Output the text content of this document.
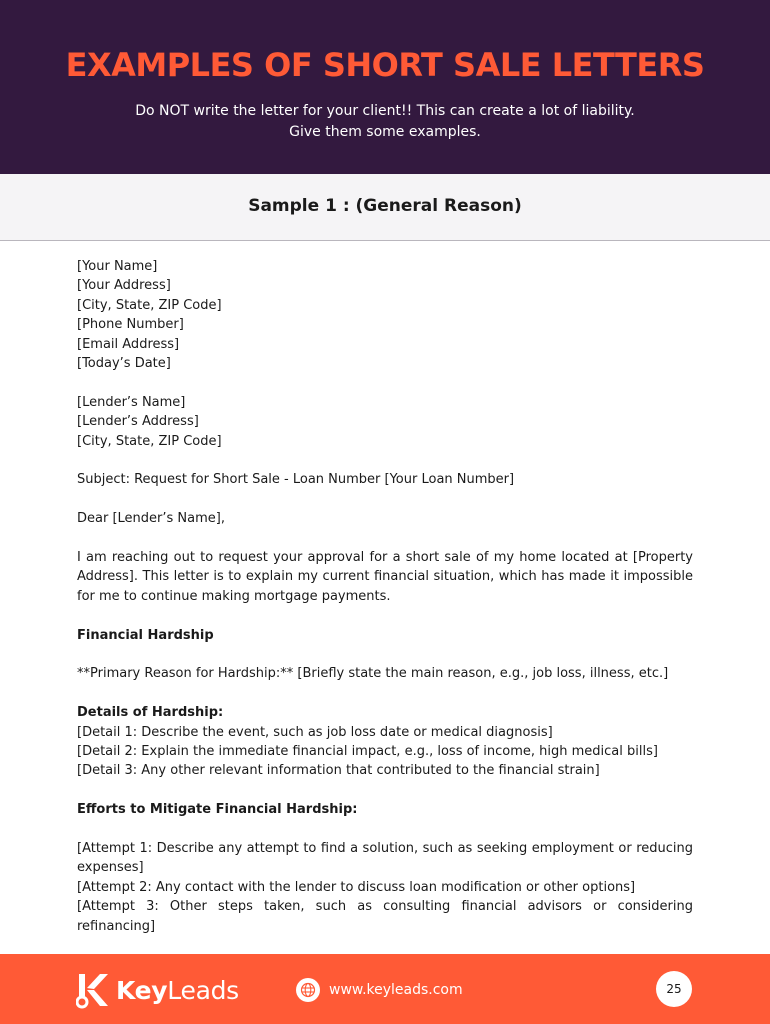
EXAMPLES OF SHORT SALE LETTERS
Do NOT write the letter for your client!! This can create a lot of liability.
Give them some examples.
Sample 1 : (General Reason)

[Your Name]
[Your Address]
[City, State, ZIP Code]
[Phone Number]
[Email Address]
[Today’s Date]

[Lender’s Name]
[Lender’s Address]
[City, State, ZIP Code]

Subject: Request for Short Sale - Loan Number [Your Loan Number]

Dear [Lender’s Name],

I am reaching out to request your approval for a short sale of my home located at [Property Address]. This letter is to explain my current financial situation, which has made it impossible for me to continue making mortgage payments.

Financial Hardship

**Primary Reason for Hardship:** [Briefly state the main reason, e.g., job loss, illness, etc.]

Details of Hardship:
[Detail 1: Describe the event, such as job loss date or medical diagnosis]
[Detail 2: Explain the immediate financial impact, e.g., loss of income, high medical bills]
[Detail 3: Any other relevant information that contributed to the financial strain]

Efforts to Mitigate Financial Hardship:

[Attempt 1: Describe any attempt to find a solution, such as seeking employment or reducing expenses]
[Attempt 2: Any contact with the lender to discuss loan modification or other options]
[Attempt 3: Other steps taken, such as consulting financial advisors or considering refinancing]

KeyLeads	www.keyleads.com	25
